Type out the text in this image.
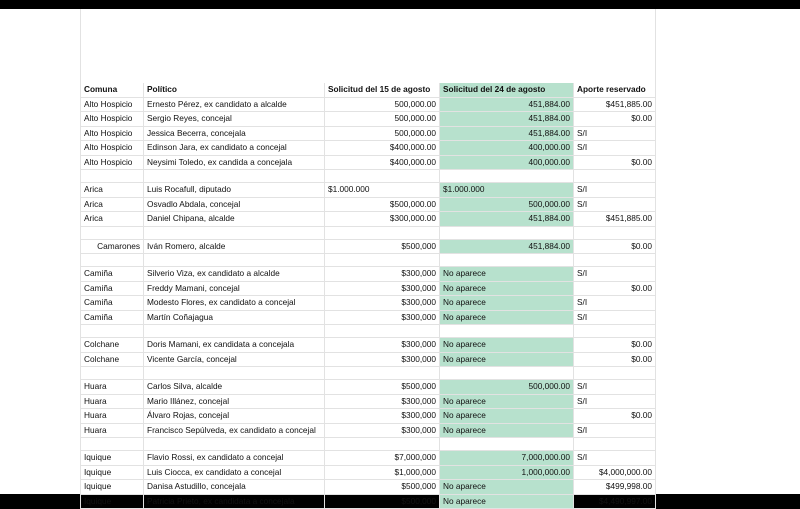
Comuna	Político	Solicitud del 15 de agosto	Solicitud del 24 de agosto	Aporte reservado
Alto Hospicio	Ernesto Pérez, ex candidato a alcalde	500,000.00	451,884.00	$451,885.00
Alto Hospicio	Sergio Reyes, concejal	500,000.00	451,884.00	$0.00
Alto Hospicio	Jessica Becerra, concejala	500,000.00	451,884.00	S/I
Alto Hospicio	Edinson Jara, ex candidato a concejal	$400,000.00	400,000.00	S/I
Alto Hospicio	Neysimi Toledo, ex candida a concejala	$400,000.00	400,000.00	$0.00

Arica	Luis Rocafull, diputado	$1.000.000	$1.000.000	S/I
Arica	Osvadlo Abdala, concejal	$500,000.00	500,000.00	S/I
Arica	Daniel Chipana, alcalde	$300,000.00	451,884.00	$451,885.00

Camarones	Iván Romero, alcalde	$500,000	451,884.00	$0.00

Camiña	Silverio Viza, ex candidato a alcalde	$300,000	No aparece	S/I
Camiña	Freddy Mamani, concejal	$300,000	No aparece	$0.00
Camiña	Modesto Flores, ex candidato a concejal	$300,000	No aparece	S/I
Camiña	Martín Coñajagua	$300,000	No aparece	S/I

Colchane	Doris Mamani, ex candidata a concejala	$300,000	No aparece	$0.00
Colchane	Vicente García, concejal	$300,000	No aparece	$0.00

Huara	Carlos Silva, alcalde	$500,000	500,000.00	S/I
Huara	Mario Illánez, concejal	$300,000	No aparece	S/I
Huara	Álvaro Rojas, concejal	$300,000	No aparece	$0.00
Huara	Francisco Sepúlveda, ex candidato a concejal	$300,000	No aparece	S/I

Iquique	Flavio Rossi, ex candidato a concejal	$7,000,000	7,000,000.00	S/I
Iquique	Luis Ciocca, ex candidato a concejal	$1,000,000	1,000,000.00	$4,000,000.00
Iquique	Danisa Astudillo, concejala	$500,000	No aparece	$499,998.00
Iquique	Patricia Prieto, ex candidata a concejala	$500,000	No aparece	$4,490,997.00
